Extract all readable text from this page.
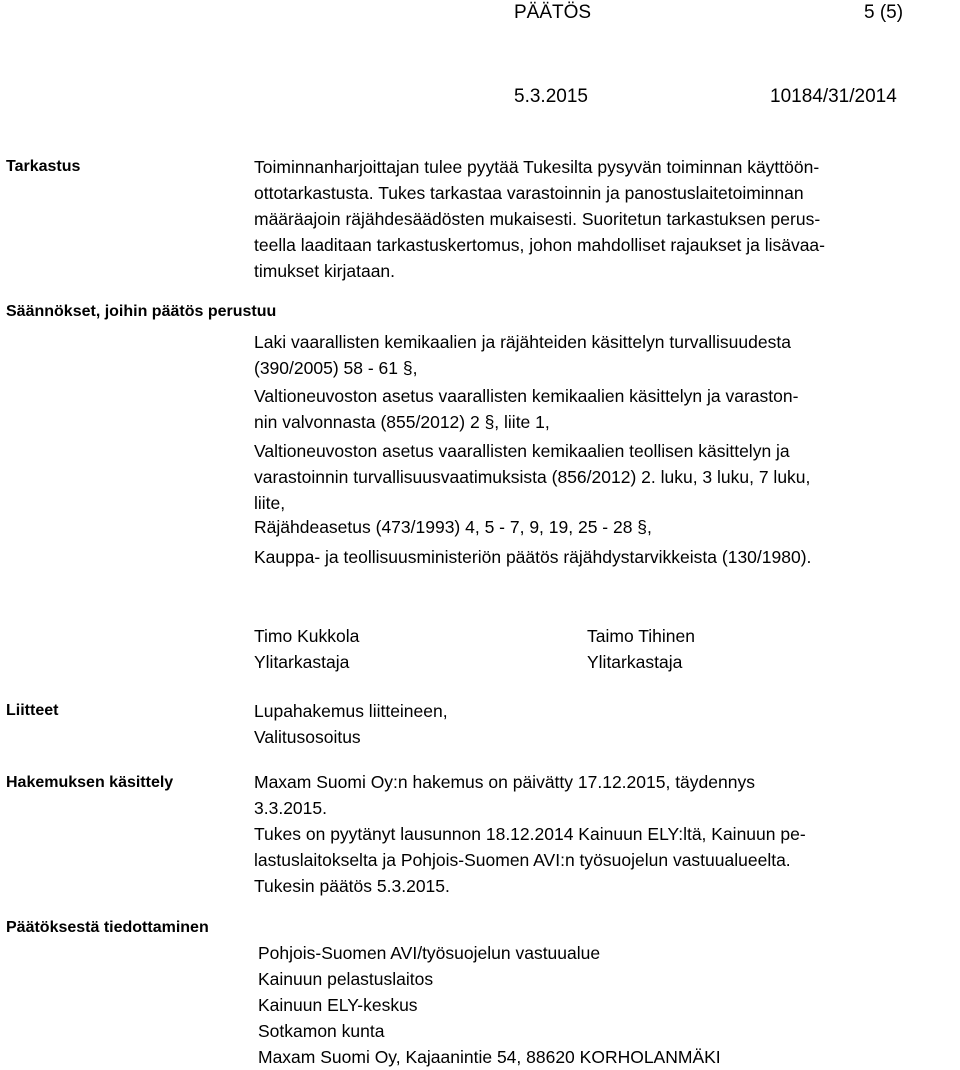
PÄÄTÖS	5 (5)
5.3.2015	10184/31/2014
Tarkastus	Toiminnanharjoittajan tulee pyytää Tukesilta pysyvän toiminnan käyttöön-
ottotarkastusta. Tukes tarkastaa varastoinnin ja panostuslaitetoiminnan
määräajoin räjähdesäädösten mukaisesti. Suoritetun tarkastuksen perus-
teella laaditaan tarkastuskertomus, johon mahdolliset rajaukset ja lisävaa-
timukset kirjataan.
Säännökset, joihin päätös perustuu
Laki vaarallisten kemikaalien ja räjähteiden käsittelyn turvallisuudesta
(390/2005) 58 - 61 §,
Valtioneuvoston asetus vaarallisten kemikaalien käsittelyn ja varaston-
nin valvonnasta (855/2012) 2 §, liite 1,
Valtioneuvoston asetus vaarallisten kemikaalien teollisen käsittelyn ja
varastoinnin turvallisuusvaatimuksista (856/2012) 2. luku, 3 luku, 7 luku,
liite,
Räjähdeasetus (473/1993) 4, 5 - 7, 9, 19, 25 - 28 §,
Kauppa- ja teollisuusministeriön päätös räjähdystarvikkeista (130/1980).
Timo Kukkola
Ylitarkastaja
Taimo Tihinen
Ylitarkastaja
Liitteet	Lupahakemus liitteineen,
Valitusosoitus
Hakemuksen käsittely	Maxam Suomi Oy:n hakemus on päivätty 17.12.2015, täydennys
3.3.2015.
Tukes on pyytänyt lausunnon 18.12.2014 Kainuun ELY:ltä, Kainuun pe-
lastuslaitokselta ja Pohjois-Suomen AVI:n työsuojelun vastuualueelta.
Tukesin päätös 5.3.2015.
Päätöksestä tiedottaminen
Pohjois-Suomen AVI/työsuojelun vastuualue
Kainuun pelastuslaitos
Kainuun ELY-keskus
Sotkamon kunta
Maxam Suomi Oy, Kajaanintie 54, 88620 KORHOLANMÄKI
